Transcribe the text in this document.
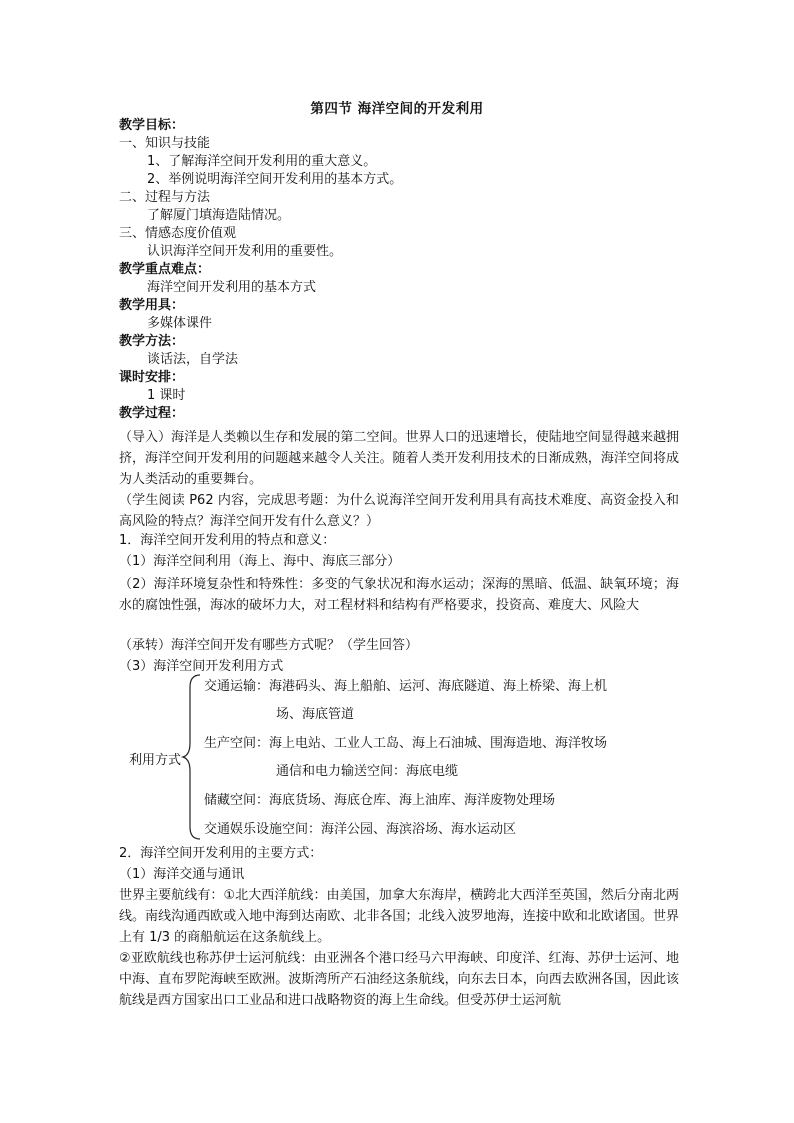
第四节 海洋空间的开发利用
教学目标：
一、知识与技能
1、了解海洋空间开发利用的重大意义。
2、举例说明海洋空间开发利用的基本方式。
二、过程与方法
了解厦门填海造陆情况。
三、情感态度价值观
认识海洋空间开发利用的重要性。
教学重点难点：
海洋空间开发利用的基本方式
教学用具：
多媒体课件
教学方法：
谈话法，自学法
课时安排：
1 课时
教学过程：
（导入）海洋是人类赖以生存和发展的第二空间。世界人口的迅速增长，使陆地空间显得越来越拥挤，海洋空间开发利用的问题越来越令人关注。随着人类开发利用技术的日渐成熟，海洋空间将成为人类活动的重要舞台。
（学生阅读 P62 内容，完成思考题：为什么说海洋空间开发利用具有高技术难度、高资金投入和高风险的特点？海洋空间开发有什么意义？）
1．海洋空间开发利用的特点和意义：
（1）海洋空间利用（海上、海中、海底三部分）
（2）海洋环境复杂性和特殊性：多变的气象状况和海水运动；深海的黑暗、低温、缺氧环境；海水的腐蚀性强，海冰的破坏力大，对工程材料和结构有严格要求，投资高、难度大、风险大
（承转）海洋空间开发有哪些方式呢？（学生回答）
（3）海洋空间开发利用方式
利用方式
交通运输：海港码头、海上船舶、运河、海底隧道、海上桥梁、海上机
场、海底管道
生产空间：海上电站、工业人工岛、海上石油城、围海造地、海洋牧场
通信和电力输送空间：海底电缆
储藏空间：海底货场、海底仓库、海上油库、海洋废物处理场
交通娱乐设施空间：海洋公园、海滨浴场、海水运动区
2．海洋空间开发利用的主要方式：
（1）海洋交通与通讯
世界主要航线有：①北大西洋航线：由美国，加拿大东海岸，横跨北大西洋至英国，然后分南北两线。南线沟通西欧或入地中海到达南欧、北非各国；北线入波罗地海，连接中欧和北欧诸国。世界上有 1/3 的商船航运在这条航线上。
②亚欧航线也称苏伊士运河航线：由亚洲各个港口经马六甲海峡、印度洋、红海、苏伊士运河、地中海、直布罗陀海峡至欧洲。波斯湾所产石油经这条航线，向东去日本，向西去欧洲各国，因此该航线是西方国家出口工业品和进口战略物资的海上生命线。但受苏伊士运河航
